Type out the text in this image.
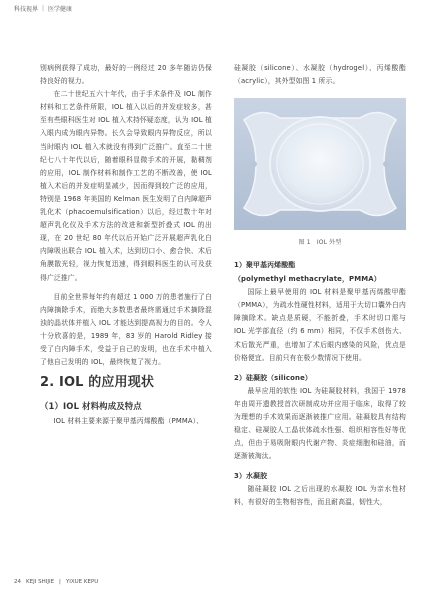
科技视界 | 医学健康

别病例获得了成功，最好的一例经过 20 多年随访仍保持良好的视力。

在二十世纪五六十年代，由于手术条件及 IOL 制作材料和工艺条件所限，IOL 植入以后的并发症较多，甚至有些眼科医生对 IOL 植入术持怀疑态度，认为 IOL 植入眼内成为眼内异物。长久会导致眼内异物反应，所以当时眼内 IOL 植入术就没有得到广泛推广。直至二十世纪七八十年代以后，随着眼科显微手术的开展，黏稠剂的应用，IOL 制作材料和制作工艺的不断改善，使 IOL 植入术后的并发症明显减少，因而得到较广泛的应用，特别是 1968 年美国的 Kelman 医生发明了白内障超声乳化术（phacoemulsification）以后，经过数十年对超声乳化仪及手术方法的改进和新型折叠式 IOL 的出现，在 20 世纪 80 年代以后开始广泛开展超声乳化白内障吸出联合 IOL 植入术，达到切口小、愈合快、术后角膜散光轻，视力恢复迅速，得到眼科医生的认可及获得广泛推广。

目前全世界每年约有超过 1 000 万的患者施行了白内障摘除手术，而绝大多数患者最终需通过手术摘除混浊的晶状体并植入 IOL 才能达到提高视力的目的。令人十分欣喜的是，1989 年，83 岁的 Harold Ridley 接受了白内障手术，受益于自己的发明，也在手术中植入了他自己发明的 IOL，最终恢复了视力。

2. IOL 的应用现状
（1）IOL 材料构成及特点

IOL 材料主要来源于聚甲基丙烯酸酯（PMMA）、

硅凝胶（silicone）、水凝胶（hydrogel）、丙烯酸酯（acrylic），其外型如图 1 所示。

图 1　IOL 外型
1）聚甲基丙烯酸酯
（polymethyl methacrylate，PMMA）

国际上最早使用的 IOL 材料是聚甲基丙烯酸甲酯（PMMA），为疏水性硬性材料，适用于大切口囊外白内障摘除术。缺点是质硬，不能折叠，手术时切口需与 IOL 光学部直径（约 6 mm）相同，不仅手术创伤大、术后散光严重，也增加了术后眼内感染的风险，优点是价格便宜。目前只有在极少数情况下使用。

2）硅凝胶（silicone）

最早应用的软性 IOL 为硅凝胶材料，我国于 1978 年由周开遗教授首次研制成功并应用于临床，取得了较为理想的手术效果而逐渐被推广应用。硅凝胶具有结构稳定、硅凝胶人工晶状体疏水性强、组织相容性好等优点，但由于易吸附眼内代谢产物、炎症细胞和硅油，而逐渐被淘汰。

3）水凝胶

随硅凝胶 IOL 之后出现的水凝胶 IOL 为亲水性材料，有很好的生物相容性，而且耐高温，韧性大，

24 KEJI SHIJIE | YIXUE KEPU
